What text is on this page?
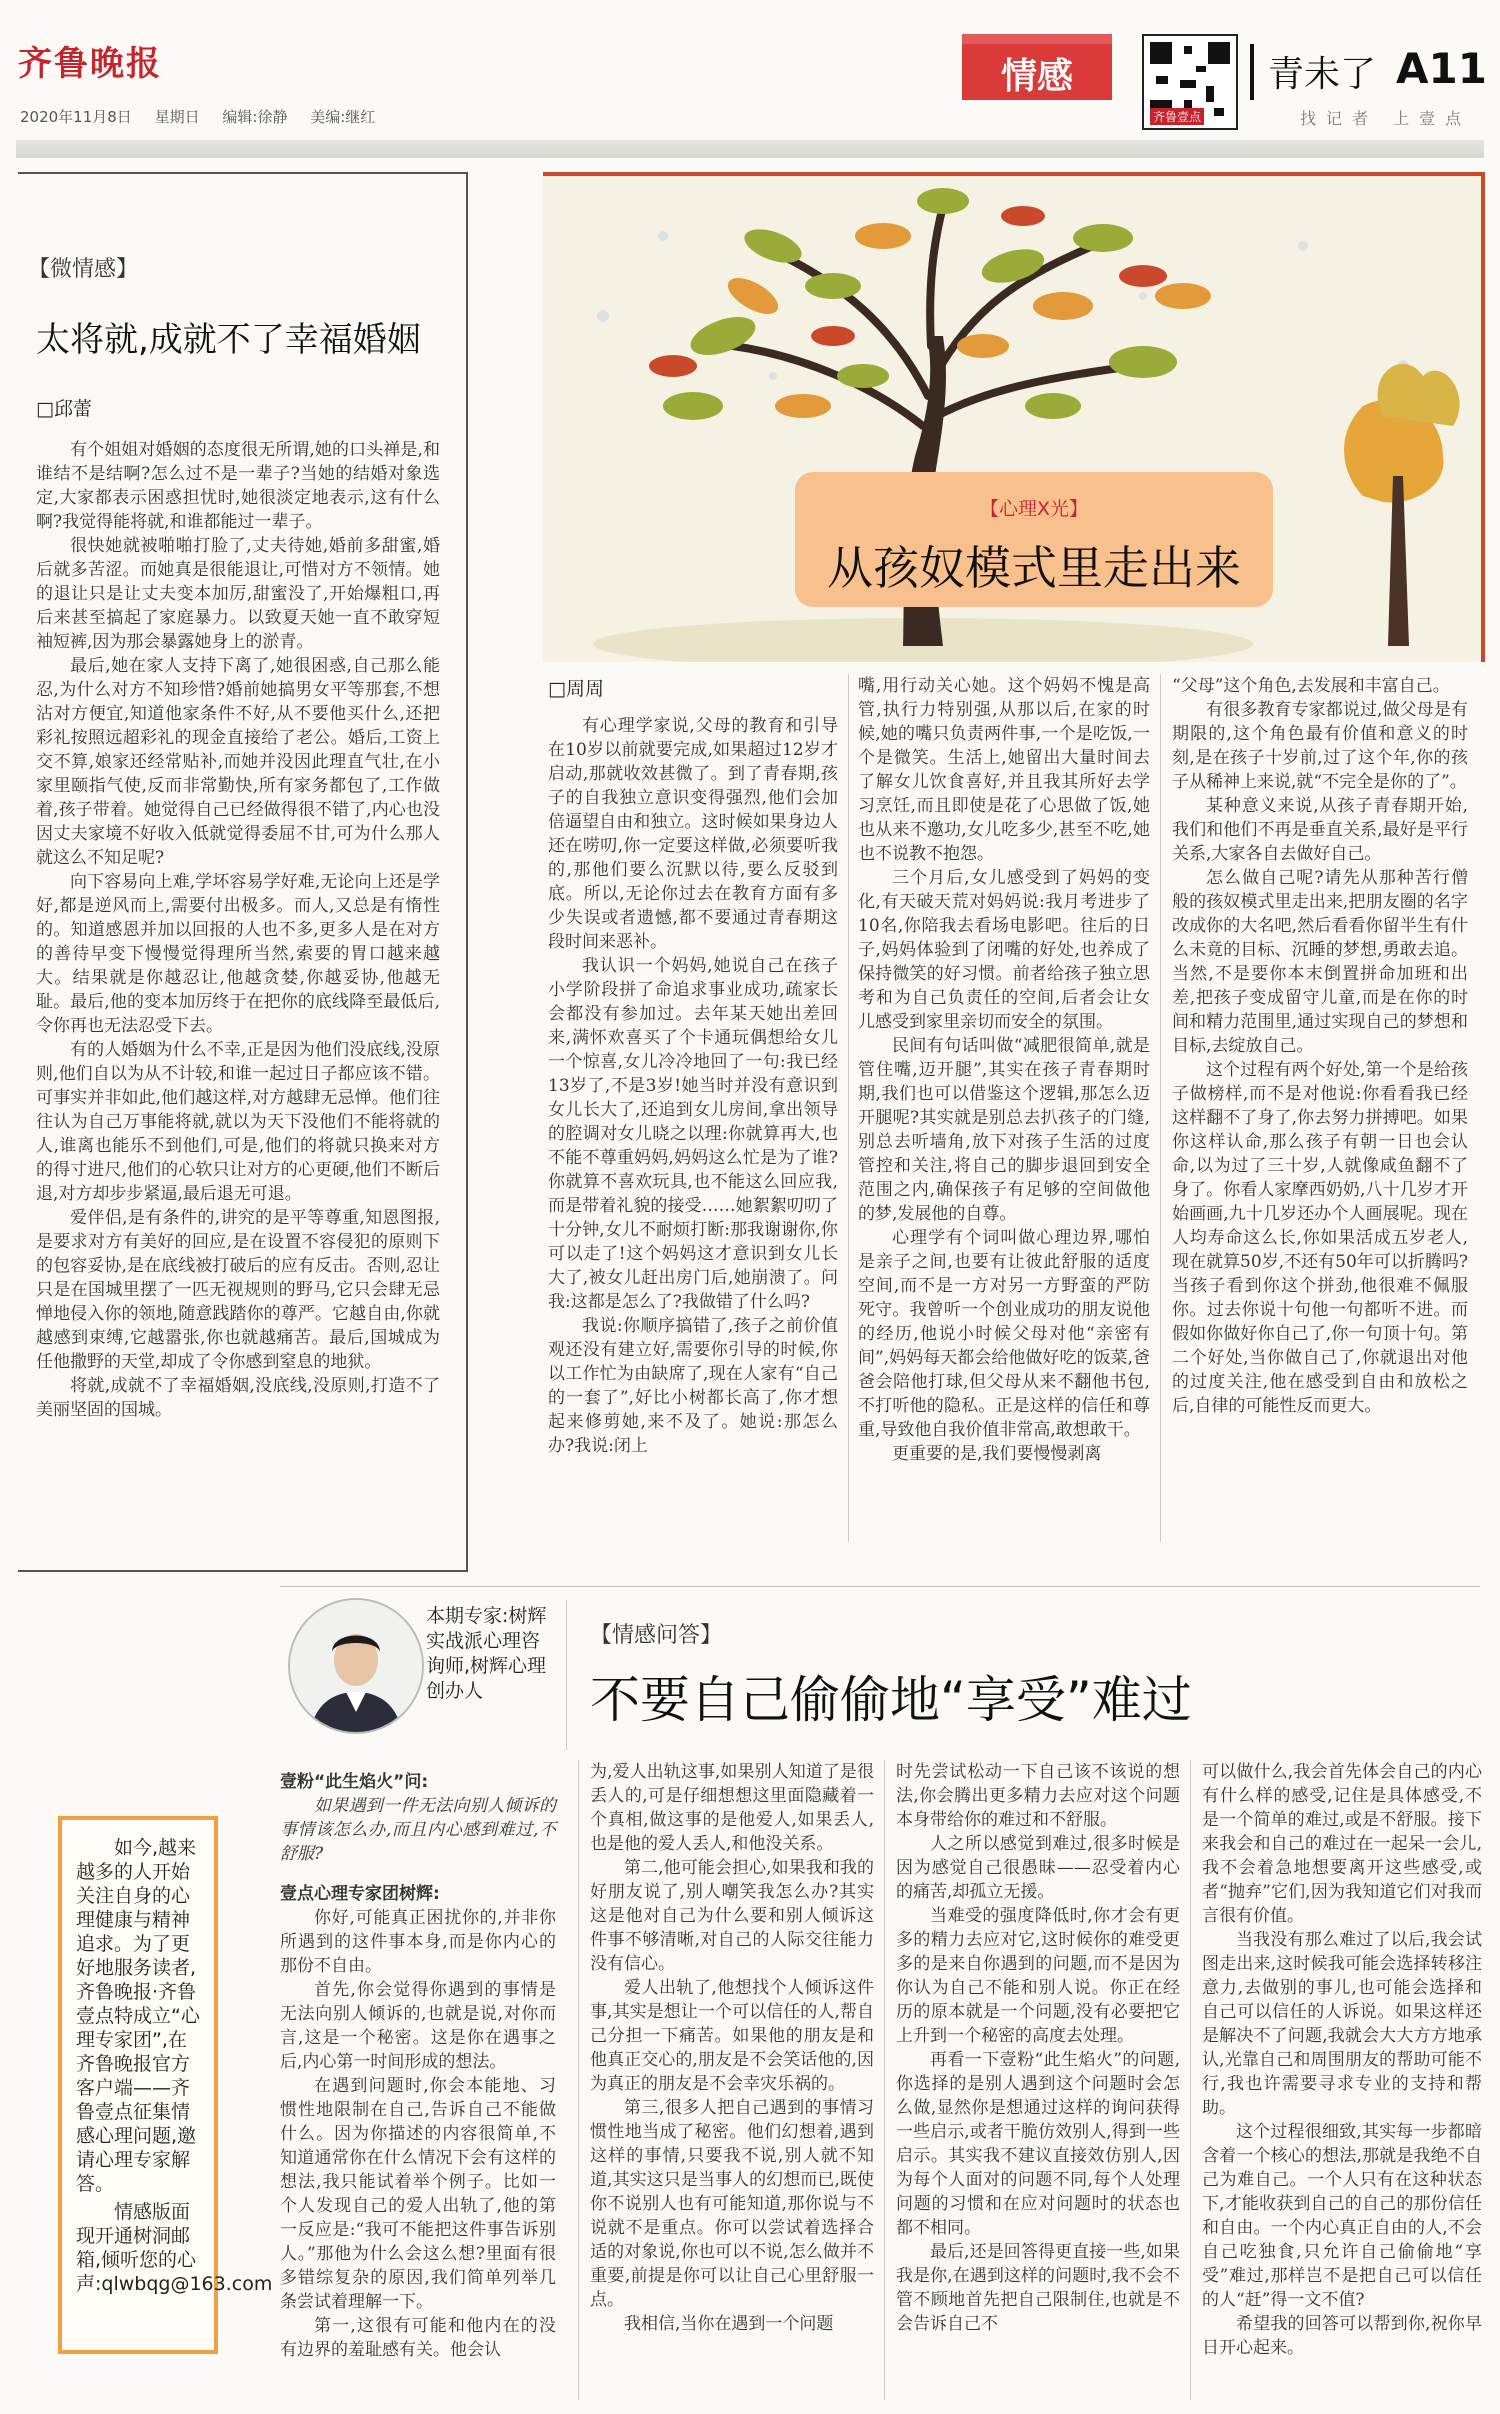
齐鲁晚报
2020年11月8日 星期日 编辑:徐静 美编:继红
情感
齐鲁壹点
青未了 A11
找记者 上壹点
【微情感】
太将就,成就不了幸福婚姻
□邱蕾

有个姐姐对婚姻的态度很无所谓,她的口头禅是,和谁结不是结啊?怎么过不是一辈子?当她的结婚对象选定,大家都表示困惑担忧时,她很淡定地表示,这有什么啊?我觉得能将就,和谁都能过一辈子。

很快她就被啪啪打脸了,丈夫待她,婚前多甜蜜,婚后就多苦涩。而她真是很能退让,可惜对方不领情。她的退让只是让丈夫变本加厉,甜蜜没了,开始爆粗口,再后来甚至搞起了家庭暴力。以致夏天她一直不敢穿短袖短裤,因为那会暴露她身上的淤青。

最后,她在家人支持下离了,她很困惑,自己那么能忍,为什么对方不知珍惜?婚前她搞男女平等那套,不想沾对方便宜,知道他家条件不好,从不要他买什么,还把彩礼按照远超彩礼的现金直接给了老公。婚后,工资上交不算,娘家还经常贴补,而她并没因此理直气壮,在小家里颐指气使,反而非常勤快,所有家务都包了,工作做着,孩子带着。她觉得自己已经做得很不错了,内心也没因丈夫家境不好收入低就觉得委屈不甘,可为什么那人就这么不知足呢?

向下容易向上难,学坏容易学好难,无论向上还是学好,都是逆风而上,需要付出极多。而人,又总是有惰性的。知道感恩并加以回报的人也不多,更多人是在对方的善待早变下慢慢觉得理所当然,索要的胃口越来越大。结果就是你越忍让,他越贪婪,你越妥协,他越无耻。最后,他的变本加厉终于在把你的底线降至最低后,令你再也无法忍受下去。

有的人婚姻为什么不幸,正是因为他们没底线,没原则,他们自以为从不计较,和谁一起过日子都应该不错。可事实并非如此,他们越这样,对方越肆无忌惮。他们往往认为自己万事能将就,就以为天下没他们不能将就的人,谁离也能乐不到他们,可是,他们的将就只换来对方的得寸进尺,他们的心软只让对方的心更硬,他们不断后退,对方却步步紧逼,最后退无可退。

爱伴侣,是有条件的,讲究的是平等尊重,知恩图报,是要求对方有美好的回应,是在设置不容侵犯的原则下的包容妥协,是在底线被打破后的应有反击。否则,忍让只是在国城里摆了一匹无视规则的野马,它只会肆无忌惮地侵入你的领地,随意践踏你的尊严。它越自由,你就越感到束缚,它越嚣张,你也就越痛苦。最后,国城成为任他撒野的天堂,却成了令你感到窒息的地狱。

将就,成就不了幸福婚姻,没底线,没原则,打造不了美丽坚固的国城。

【心理X光】
从孩奴模式里走出来
□周周

有心理学家说,父母的教育和引导在10岁以前就要完成,如果超过12岁才启动,那就收效甚微了。到了青春期,孩子的自我独立意识变得强烈,他们会加倍逼望自由和独立。这时候如果身边人还在唠叨,你一定要这样做,必须要听我的,那他们要么沉默以待,要么反驳到底。所以,无论你过去在教育方面有多少失误或者遗憾,都不要通过青春期这段时间来恶补。

我认识一个妈妈,她说自己在孩子小学阶段拼了命追求事业成功,疏家长会都没有参加过。去年某天她出差回来,满怀欢喜买了个卡通玩偶想给女儿一个惊喜,女儿冷冷地回了一句:我已经13岁了,不是3岁!她当时并没有意识到女儿长大了,还追到女儿房间,拿出领导的腔调对女儿晓之以理:你就算再大,也不能不尊重妈妈,妈妈这么忙是为了谁?你就算不喜欢玩具,也不能这么回应我,而是带着礼貌的接受……她絮絮叨叨了十分钟,女儿不耐烦打断:那我谢谢你,你可以走了!这个妈妈这才意识到女儿长大了,被女儿赶出房门后,她崩溃了。问我:这都是怎么了?我做错了什么吗?

我说:你顺序搞错了,孩子之前价值观还没有建立好,需要你引导的时候,你以工作忙为由缺席了,现在人家有“自己的一套了”,好比小树都长高了,你才想起来修剪她,来不及了。她说:那怎么办?我说:闭上

嘴,用行动关心她。这个妈妈不愧是高管,执行力特别强,从那以后,在家的时候,她的嘴只负责两件事,一个是吃饭,一个是微笑。生活上,她留出大量时间去了解女儿饮食喜好,并且我其所好去学习烹饪,而且即使是花了心思做了饭,她也从来不邀功,女儿吃多少,甚至不吃,她也不说教不抱怨。

三个月后,女儿感受到了妈妈的变化,有天破天荒对妈妈说:我月考进步了10名,你陪我去看场电影吧。往后的日子,妈妈体验到了闭嘴的好处,也养成了保持微笑的好习惯。前者给孩子独立思考和为自己负责任的空间,后者会让女儿感受到家里亲切而安全的氛围。

民间有句话叫做“减肥很简单,就是管住嘴,迈开腿”,其实在孩子青春期时期,我们也可以借鉴这个逻辑,那怎么迈开腿呢?其实就是别总去扒孩子的门缝,别总去听墙角,放下对孩子生活的过度管控和关注,将自己的脚步退回到安全范围之内,确保孩子有足够的空间做他的梦,发展他的自尊。

心理学有个词叫做心理边界,哪怕是亲子之间,也要有让彼此舒服的适度空间,而不是一方对另一方野蛮的严防死守。我曾听一个创业成功的朋友说他的经历,他说小时候父母对他“亲密有间”,妈妈每天都会给他做好吃的饭菜,爸爸会陪他打球,但父母从来不翻他书包,不打听他的隐私。正是这样的信任和尊重,导致他自我价值非常高,敢想敢干。

更重要的是,我们要慢慢剥离

“父母”这个角色,去发展和丰富自己。

有很多教育专家都说过,做父母是有期限的,这个角色最有价值和意义的时刻,是在孩子十岁前,过了这个年,你的孩子从稀神上来说,就“不完全是你的了”。

某种意义来说,从孩子青春期开始,我们和他们不再是垂直关系,最好是平行关系,大家各自去做好自己。

怎么做自己呢?请先从那种苦行僧般的孩奴模式里走出来,把朋友圈的名字改成你的大名吧,然后看看你留半生有什么未竟的目标、沉睡的梦想,勇敢去追。当然,不是要你本末倒置拼命加班和出差,把孩子变成留守儿童,而是在你的时间和精力范围里,通过实现自己的梦想和目标,去绽放自己。

这个过程有两个好处,第一个是给孩子做榜样,而不是对他说:你看看我已经这样翻不了身了,你去努力拼搏吧。如果你这样认命,那么孩子有朝一日也会认命,以为过了三十岁,人就像咸鱼翻不了身了。你看人家摩西奶奶,八十几岁才开始画画,九十几岁还办个人画展呢。现在人均寿命这么长,你如果活成五岁老人,现在就算50岁,不还有50年可以折腾吗?当孩子看到你这个拼劲,他很难不佩服你。过去你说十句他一句都听不进。而假如你做好你自己了,你一句顶十句。第二个好处,当你做自己了,你就退出对他的过度关注,他在感受到自由和放松之后,自律的可能性反而更大。

本期专家:树辉 实战派心理咨询师,树辉心理创办人
【情感问答】
不要自己偷偷地“享受”难过

如今,越来越多的人开始关注自身的心理健康与精神追求。为了更好地服务读者,齐鲁晚报·齐鲁壹点特成立“心理专家团”,在齐鲁晚报官方客户端——齐鲁壹点征集情感心理问题,邀请心理专家解答。

情感版面现开通树洞邮箱,倾听您的心声:qlwbqg@163.com

壹粉“此生焰火”问:

如果遇到一件无法向别人倾诉的事情该怎么办,而且内心感到难过,不舒服?

壹点心理专家团树辉:

你好,可能真正困扰你的,并非你所遇到的这件事本身,而是你内心的那份不自由。

首先,你会觉得你遇到的事情是无法向别人倾诉的,也就是说,对你而言,这是一个秘密。这是你在遇事之后,内心第一时间形成的想法。

在遇到问题时,你会本能地、习惯性地限制在自己,告诉自己不能做什么。因为你描述的内容很简单,不知道通常你在什么情况下会有这样的想法,我只能试着举个例子。比如一个人发现自己的爱人出轨了,他的第一反应是:“我可不能把这件事告诉别人。”那他为什么会这么想?里面有很多错综复杂的原因,我们简单列举几条尝试着理解一下。

第一,这很有可能和他内在的没有边界的羞耻感有关。他会认

为,爱人出轨这事,如果别人知道了是很丢人的,可是仔细想想这里面隐藏着一个真相,做这事的是他爱人,如果丢人,也是他的爱人丢人,和他没关系。

第二,他可能会担心,如果我和我的好朋友说了,别人嘲笑我怎么办?其实这是他对自己为什么要和别人倾诉这件事不够清晰,对自己的人际交往能力没有信心。

爱人出轨了,他想找个人倾诉这件事,其实是想让一个可以信任的人,帮自己分担一下痛苦。如果他的朋友是和他真正交心的,朋友是不会笑话他的,因为真正的朋友是不会幸灾乐祸的。

第三,很多人把自己遇到的事情习惯性地当成了秘密。他们幻想着,遇到这样的事情,只要我不说,别人就不知道,其实这只是当事人的幻想而已,既使你不说别人也有可能知道,那你说与不说就不是重点。你可以尝试着选择合适的对象说,你也可以不说,怎么做并不重要,前提是你可以让自己心里舒服一点。

我相信,当你在遇到一个问题

时先尝试松动一下自己该不该说的想法,你会腾出更多精力去应对这个问题本身带给你的难过和不舒服。

人之所以感觉到难过,很多时候是因为感觉自己很愚昧——忍受着内心的痛苦,却孤立无援。

当难受的强度降低时,你才会有更多的精力去应对它,这时候你的难受更多的是来自你遇到的问题,而不是因为你认为自己不能和别人说。你正在经历的原本就是一个问题,没有必要把它上升到一个秘密的高度去处理。

再看一下壹粉“此生焰火”的问题,你选择的是别人遇到这个问题时会怎么做,显然你是想通过这样的询问获得一些启示,或者干脆仿效别人,得到一些启示。其实我不建议直接效仿别人,因为每个人面对的问题不同,每个人处理问题的习惯和在应对问题时的状态也都不相同。

最后,还是回答得更直接一些,如果我是你,在遇到这样的问题时,我不会不管不顾地首先把自己限制住,也就是不会告诉自己不

可以做什么,我会首先体会自己的内心有什么样的感受,记住是具体感受,不是一个简单的难过,或是不舒服。接下来我会和自己的难过在一起呆一会儿,我不会着急地想要离开这些感受,或者“抛弃”它们,因为我知道它们对我而言很有价值。

当我没有那么难过了以后,我会试图走出来,这时候我可能会选择转移注意力,去做别的事儿,也可能会选择和自己可以信任的人诉说。如果这样还是解决不了问题,我就会大大方方地承认,光靠自己和周围朋友的帮助可能不行,我也许需要寻求专业的支持和帮助。

这个过程很细致,其实每一步都暗含着一个核心的想法,那就是我绝不自己为难自己。一个人只有在这种状态下,才能收获到自己的自己的那份信任和自由。一个内心真正自由的人,不会自己吃独食,只允许自己偷偷地“享受”难过,那样岂不是把自己可以信任的人“赶”得一文不值?

希望我的回答可以帮到你,祝你早日开心起来。
